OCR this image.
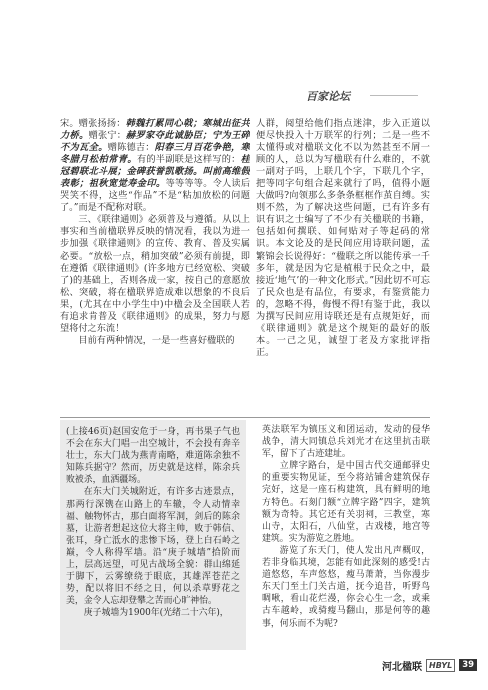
百家论坛

宋。赠张扬扬：韩魏打累同心戟；寒城出征共力桥。赠张宁：赫罗家夺此诚胁臣；宁为王碎不为瓦全。赠陈德吉：阳春三月百花争艳，寒冬腊月松柏常青。有的半副联是这样写的：桂冠碧联北斗展；金碑获誉凯歌扬。叫前高维假表彰；祖秋宽觉寿金印。等等等等。令人读后哭笑不得，这些“作品”不是“粘加放松的问题了。”而是不配称对联。

三、《联律通则》必须普及与遵循。从以上事实和当前楹联界反映的情况看，我以为进一步加强《联律通则》的宣传、教育、普及实属必要。“放松一点，稍加突破”必须有前提，即在遵循《联律通则》(许多地方已经宽松、突破了)的基础上，否则各成一家，按自己的意愿放松、突破，将在楹联界造成难以想象的不良后果，(尤其在中小学生中)中楹会及全国联人若有追求肯普及《联律通则》的成果，努力与愿望将付之东流！

目前有两种情况，一是一些喜好楹联的

人群，阅望给他们指点迷津，步入正道以便尽快投入十万联军的行列；二是一些不太懂得或对楹联文化不以为然甚至不屑一顾的人，总以为写楹联有什么难的，不就一副对子吗，上联几个字，下联几个字，把等同字句组合起来就行了吗，值得小题大做吗?向领那么多条条框框作茧自缚。实则不然，为了解决这些问题，已有许多有识有识之士编写了不少有关楹联的书籍，包括如何撰联、如何贴对子等起码的常识。本文论及的是民间应用诗联问题，孟繁锦会长说得好：“楹联之所以能传承一千多年，就是因为它是植根于民众之中，最接近‘地气’的一种文化形式。”因此切不可忘了民众也是有品位，有要求，有鉴赏能力的，忽略不得，侮慢不得!有鉴于此，我以为撰写民间应用诗联还是有点规矩好，而《联律通则》就是这个规矩的最好的版本。一己之见，诚望丁老及方家批评指正。

(上接46页)赵国安危于一身，再书果子气也不会在东大门唱一出空城计，不会投有奔辛壮士，东大门战为燕青南略，难道陈余独不知陈兵据守？然而，历史就是这样，陈余兵败被杀，血洒疆场。

在东大门关城附近，有许多古迹景点，那两行深镌在山路上的车辙，令人动情幸福、触物怀古，那白面将军洞，剑后的陈余墓，让游者想起这位大将主帅，败于韩信、张耳，身亡泜水的悲惨下场，登上白石岭之巅，令人称得军墙。沿“庚子城墙”拾阶而上，层高远望，可见古战场全貌：群山绵延于脚下，云雾缭绕于眼底，其雄浑苍茫之势，配以将旧不经之日，何以杀草野花之美，金令人忘却登攀之苦而心旷神怡。

庚子城墙为1900年(光绪二十六年)，

英法联军为镇压义和团运动，发动的侵华战争，清大同镇总兵刘光才在这里抗击联军，留下了古迹建址。

立牌字路台，是中国古代交通邮驿史的重要实物见证，至今将站铺舍建筑保存完好，这是一座石构建筑，具有鲜明的地方特色。石刻门额“立牌字路”四字，建筑额为奇特。其它还有关羽祠，三教堂，寒山寺，太阳石，八仙堂，古戏楼，地宫等建筑。实为游览之胜地。

游览了东天门，使人发出凡声概叹，若非身临其境，怎能有如此深刻的感受!古道悠悠，车声悠悠，瘦马萧萧，当你漫步东天门至土门关古道，抚今追昔，听野鸟啁啾，看山花烂漫，你会心生一念，或乘古车越岭，或骑瘦马翻山，那是何等的趣事，何乐而不为呢?

河北楹联 HBYL	39
